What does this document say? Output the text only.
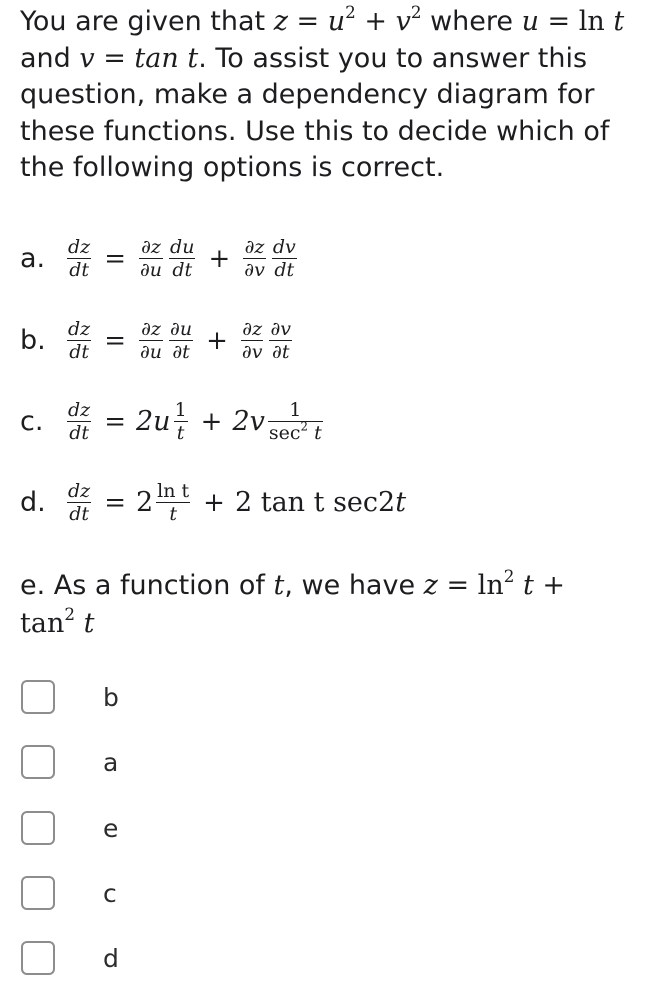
You are given that $z = u^2 + v^2$ where u = ln t and v = tan t. To assist you to answer this question, make a dependency diagram for these functions. Use this to decide which of the following options is correct.
a.	$\frac{dz}{dt} = \frac{\partial z}{\partial u} \frac{du}{dt} + \frac{\partial z}{\partial v} \frac{dv}{dt}$
b.	$\frac{dz}{dt} = \frac{\partial z}{\partial u} \frac{\partial u}{\partial t} + \frac{\partial z}{\partial v} \frac{\partial v}{\partial t}$
c.	$\frac{dz}{dt} = 2u \frac{1}{t} + 2v \frac{1}{\sec^2 t}$
d.	$\frac{dz}{dt} = 2 \frac{\text{ln t}}{t} + 2$ tan t sec 2 t
e. As a function of t, we have $z = \ln^2 t$ +
$\tan^2 t$
b
a
e
c
d
